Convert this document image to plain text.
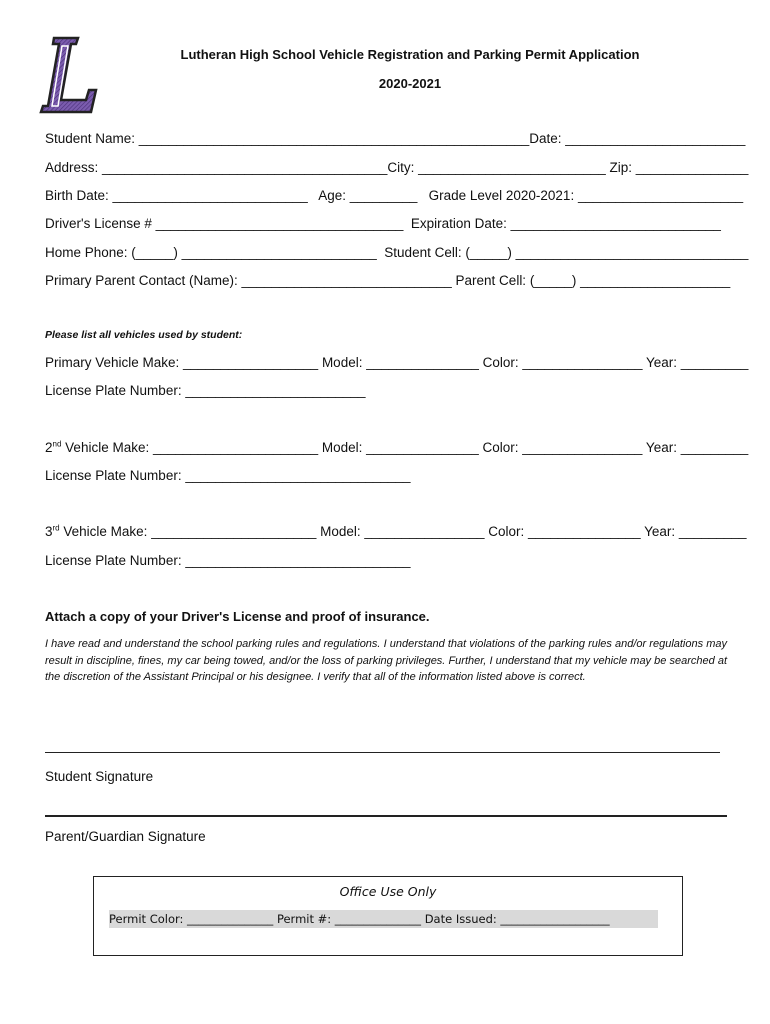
Lutheran High School Vehicle Registration and Parking Permit Application
2020-2021
Student Name: ____________________________________________________Date: ________________________
Address: ______________________________________City: _________________________ Zip: _______________
Birth Date: __________________________   Age: _________   Grade Level 2020-2021: ______________________
Driver's License # _________________________________  Expiration Date: ____________________________
Home Phone: (_____) __________________________  Student Cell: (_____) _______________________________
Primary Parent Contact (Name): ____________________________ Parent Cell: (_____) ____________________
Please list all vehicles used by student:
Primary Vehicle Make: __________________ Model: _______________ Color: ________________ Year: _________
License Plate Number: ________________________
2nd Vehicle Make: ______________________ Model: _______________ Color: ________________ Year: _________
License Plate Number: ______________________________
3rd Vehicle Make: ______________________ Model: ________________ Color: _______________ Year: _________
License Plate Number: ______________________________
Attach a copy of your Driver's License and proof of insurance.
I have read and understand the school parking rules and regulations. I understand that violations of the parking rules and/or regulations may result in discipline, fines, my car being towed, and/or the loss of parking privileges. Further, I understand that my vehicle may be searched at the discretion of the Assistant Principal or his designee. I verify that all of the information listed above is correct.
Student Signature
Parent/Guardian Signature
Office Use Only
Permit Color: _______________ Permit #: _______________ Date Issued: ___________________
